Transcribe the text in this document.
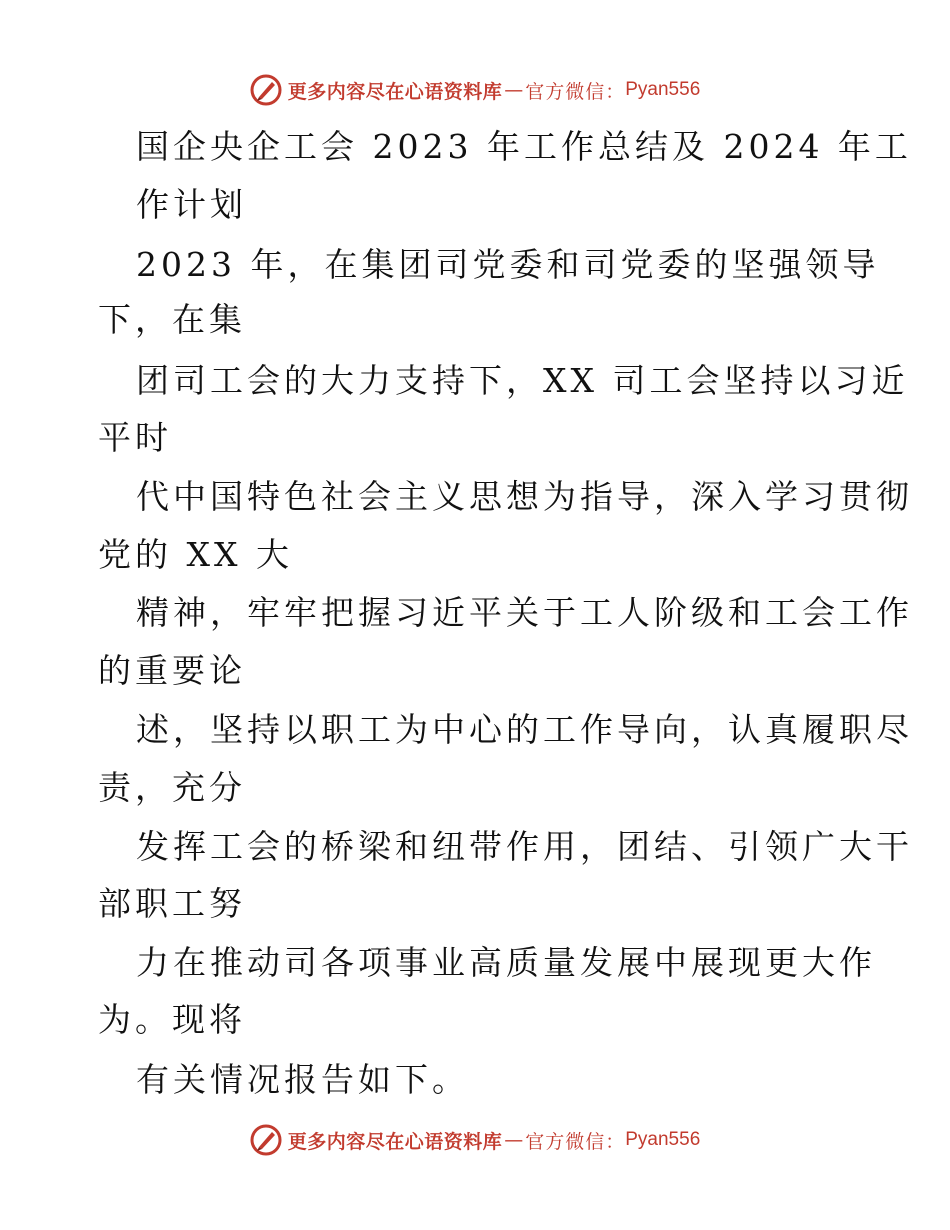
更多内容尽在心语资料库 — 官方微信： Pyan556
国企央企工会 2023 年工作总结及 2024 年工
作计划
2023 年，在集团司党委和司党委的坚强领导
下，在集
团司工会的大力支持下，XX 司工会坚持以习近
平时
代中国特色社会主义思想为指导，深入学习贯彻
党的 XX 大
精神，牢牢把握习近平关于工人阶级和工会工作
的重要论
述，坚持以职工为中心的工作导向，认真履职尽
责，充分
发挥工会的桥梁和纽带作用，团结、引领广大干
部职工努
力在推动司各项事业高质量发展中展现更大作
为。现将
有关情况报告如下。
更多内容尽在心语资料库 — 官方微信： Pyan556
